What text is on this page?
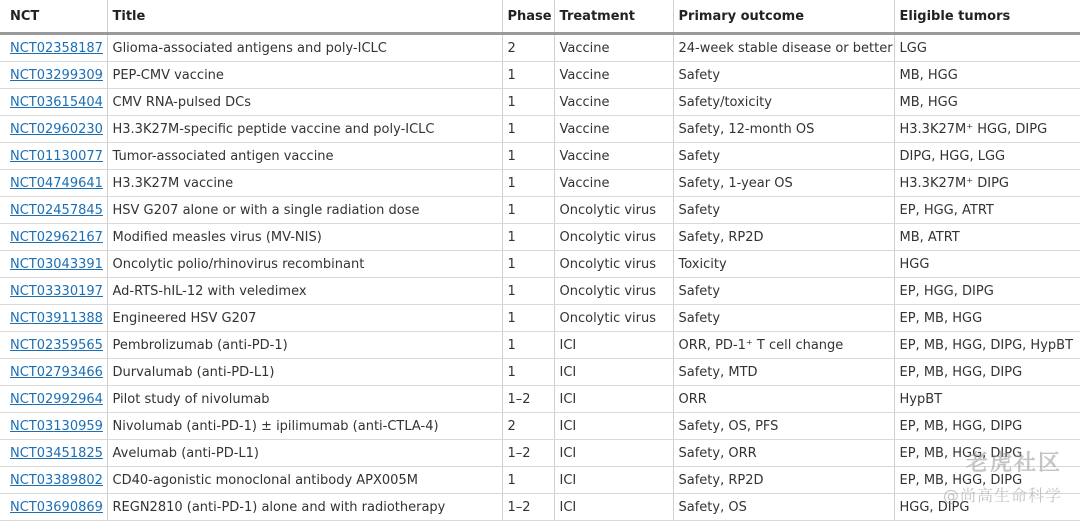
NCT	Title	Phase	Treatment	Primary outcome	Eligible tumors
NCT02358187	Glioma-associated antigens and poly-ICLC	2	Vaccine	24-week stable disease or better	LGG
NCT03299309	PEP-CMV vaccine	1	Vaccine	Safety	MB, HGG
NCT03615404	CMV RNA-pulsed DCs	1	Vaccine	Safety/toxicity	MB, HGG
NCT02960230	H3.3K27M-specific peptide vaccine and poly-ICLC	1	Vaccine	Safety, 12-month OS	H3.3K27M⁺ HGG, DIPG
NCT01130077	Tumor-associated antigen vaccine	1	Vaccine	Safety	DIPG, HGG, LGG
NCT04749641	H3.3K27M vaccine	1	Vaccine	Safety, 1-year OS	H3.3K27M⁺ DIPG
NCT02457845	HSV G207 alone or with a single radiation dose	1	Oncolytic virus	Safety	EP, HGG, ATRT
NCT02962167	Modified measles virus (MV-NIS)	1	Oncolytic virus	Safety, RP2D	MB, ATRT
NCT03043391	Oncolytic polio/rhinovirus recombinant	1	Oncolytic virus	Toxicity	HGG
NCT03330197	Ad-RTS-hIL-12 with veledimex	1	Oncolytic virus	Safety	EP, HGG, DIPG
NCT03911388	Engineered HSV G207	1	Oncolytic virus	Safety	EP, MB, HGG
NCT02359565	Pembrolizumab (anti-PD-1)	1	ICI	ORR, PD-1⁺ T cell change	EP, MB, HGG, DIPG, HypBT
NCT02793466	Durvalumab (anti-PD-L1)	1	ICI	Safety, MTD	EP, MB, HGG, DIPG
NCT02992964	Pilot study of nivolumab	1–2	ICI	ORR	HypBT
NCT03130959	Nivolumab (anti-PD-1) ± ipilimumab (anti-CTLA-4)	2	ICI	Safety, OS, PFS	EP, MB, HGG, DIPG
NCT03451825	Avelumab (anti-PD-L1)	1–2	ICI	Safety, ORR	EP, MB, HGG, DIPG
NCT03389802	CD40-agonistic monoclonal antibody APX005M	1	ICI	Safety, RP2D	EP, MB, HGG, DIPG
NCT03690869	REGN2810 (anti-PD-1) alone and with radiotherapy	1–2	ICI	Safety, OS	HGG, DIPG
老虎社区
@尚高生命科学
